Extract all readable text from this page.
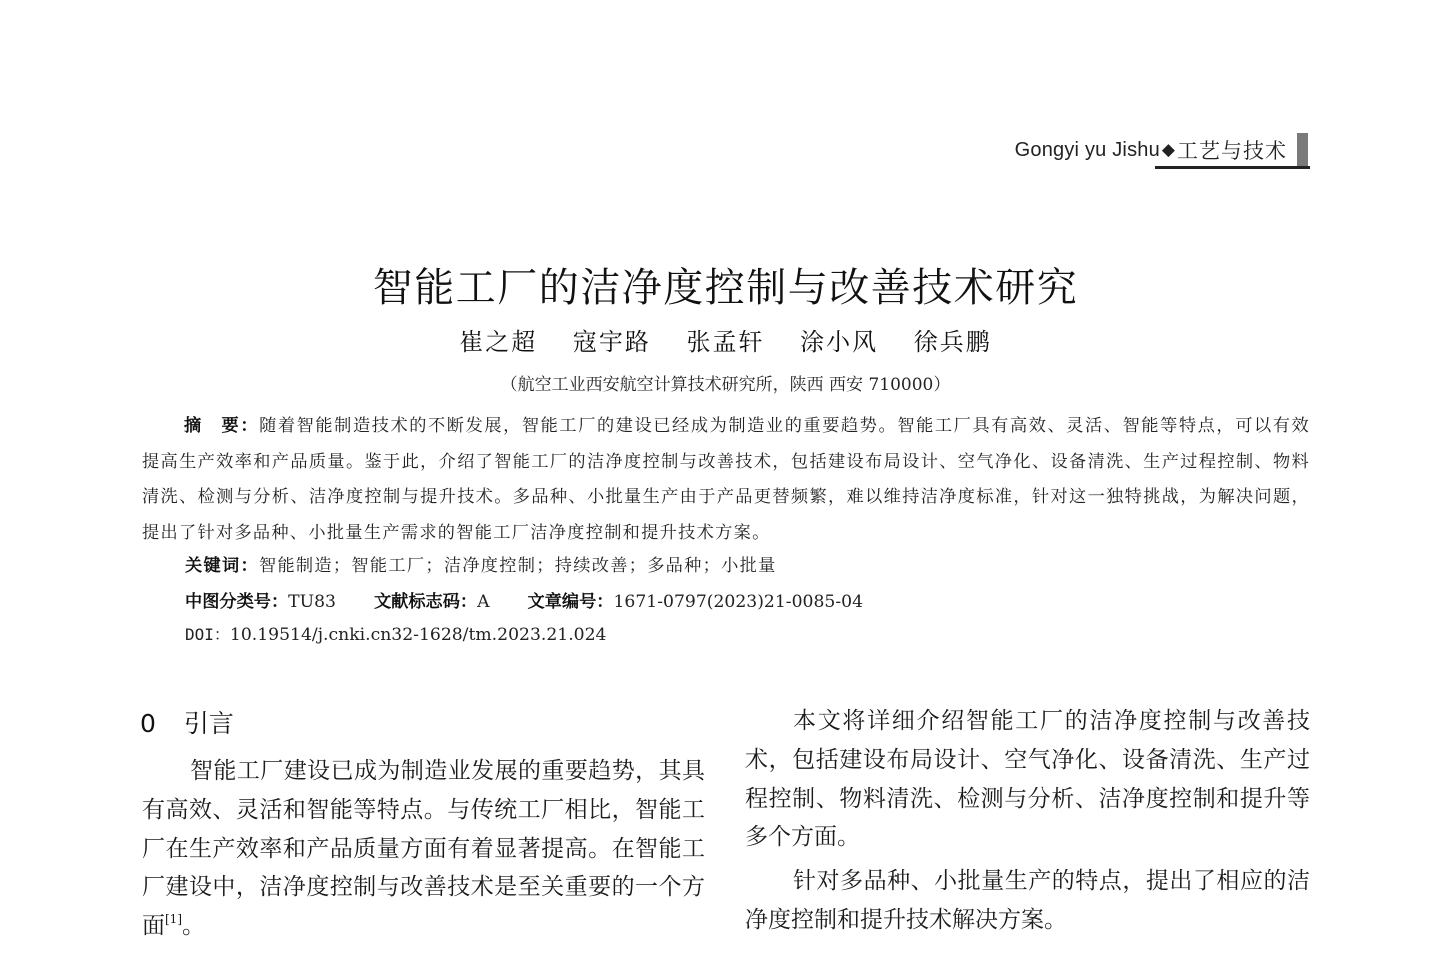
Gongyi yu Jishu ◆ 工艺与技术
智能工厂的洁净度控制与改善技术研究
崔之超 寇宇路 张孟轩 涂小风 徐兵鹏
（航空工业西安航空计算技术研究所，陕西 西安 710000）
摘　要：随着智能制造技术的不断发展，智能工厂的建设已经成为制造业的重要趋势。智能工厂具有高效、灵活、智能等特点，可以有效提高生产效率和产品质量。鉴于此，介绍了智能工厂的洁净度控制与改善技术，包括建设布局设计、空气净化、设备清洗、生产过程控制、物料清洗、检测与分析、洁净度控制与提升技术。多品种、小批量生产由于产品更替频繁，难以维持洁净度标准，针对这一独特挑战，为解决问题，提出了针对多品种、小批量生产需求的智能工厂洁净度控制和提升技术方案。
关键词：智能制造；智能工厂；洁净度控制；持续改善；多品种；小批量
中图分类号：TU83 文献标志码：A 文章编号：1671-0797(2023)21-0085-04
DOI：10.19514/j.cnki.cn32-1628/tm.2023.21.024
0 引言

智能工厂建设已成为制造业发展的重要趋势，其具有高效、灵活和智能等特点。与传统工厂相比，智能工厂在生产效率和产品质量方面有着显著提高。在智能工厂建设中，洁净度控制与改善技术是至关重要的一个方面[1]。

本文将详细介绍智能工厂的洁净度控制与改善技术，包括建设布局设计、空气净化、设备清洗、生产过程控制、物料清洗、检测与分析、洁净度控制和提升等多个方面。

针对多品种、小批量生产的特点，提出了相应的洁净度控制和提升技术解决方案。
